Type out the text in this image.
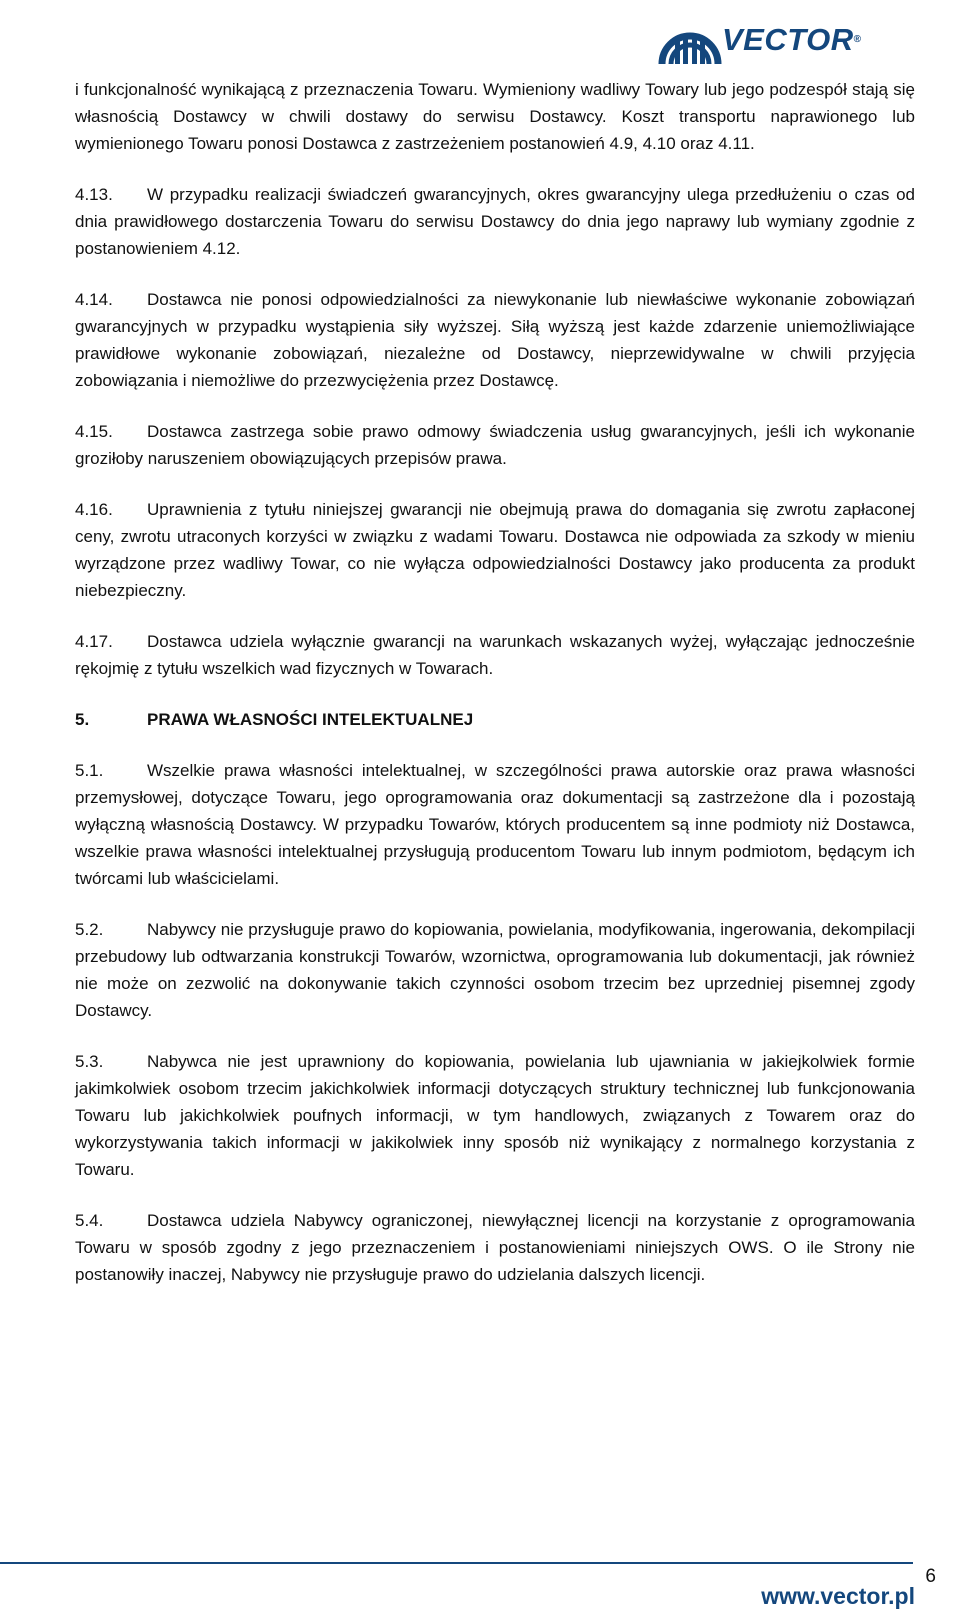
VECTOR®
i funkcjonalność wynikającą z przeznaczenia Towaru. Wymieniony wadliwy Towary lub jego podzespół stają się własnością Dostawcy w chwili dostawy do serwisu Dostawcy. Koszt transportu naprawionego lub wymienionego Towaru ponosi Dostawca z zastrzeżeniem postanowień 4.9, 4.10 oraz 4.11.
4.13. W przypadku realizacji świadczeń gwarancyjnych, okres gwarancyjny ulega przedłużeniu o czas od dnia prawidłowego dostarczenia Towaru do serwisu Dostawcy do dnia jego naprawy lub wymiany zgodnie z postanowieniem 4.12.
4.14. Dostawca nie ponosi odpowiedzialności za niewykonanie lub niewłaściwe wykonanie zobowiązań gwarancyjnych w przypadku wystąpienia siły wyższej. Siłą wyższą jest każde zdarzenie uniemożliwiające prawidłowe wykonanie zobowiązań, niezależne od Dostawcy, nieprzewidywalne w chwili przyjęcia zobowiązania i niemożliwe do przezwyciężenia przez Dostawcę.
4.15. Dostawca zastrzega sobie prawo odmowy świadczenia usług gwarancyjnych, jeśli ich wykonanie groziłoby naruszeniem obowiązujących przepisów prawa.
4.16. Uprawnienia z tytułu niniejszej gwarancji nie obejmują prawa do domagania się zwrotu zapłaconej ceny, zwrotu utraconych korzyści w związku z wadami Towaru. Dostawca nie odpowiada za szkody w mieniu wyrządzone przez wadliwy Towar, co nie wyłącza odpowiedzialności Dostawcy jako producenta za produkt niebezpieczny.
4.17. Dostawca udziela wyłącznie gwarancji na warunkach wskazanych wyżej, wyłączając jednocześnie rękojmię z tytułu wszelkich wad fizycznych w Towarach.
5.	PRAWA WŁASNOŚCI INTELEKTUALNEJ
5.1.	Wszelkie prawa własności intelektualnej, w szczególności prawa autorskie oraz prawa własności przemysłowej, dotyczące Towaru, jego oprogramowania oraz dokumentacji są zastrzeżone dla i pozostają wyłączną własnością Dostawcy. W przypadku Towarów, których producentem są inne podmioty niż Dostawca, wszelkie prawa własności intelektualnej przysługują producentom Towaru lub innym podmiotom, będącym ich twórcami lub właścicielami.
5.2.	Nabywcy nie przysługuje prawo do kopiowania, powielania, modyfikowania, ingerowania, dekompilacji przebudowy lub odtwarzania konstrukcji Towarów, wzornictwa, oprogramowania lub dokumentacji, jak również nie może on zezwolić na dokonywanie takich czynności osobom trzecim bez uprzedniej pisemnej zgody Dostawcy.
5.3.	Nabywca nie jest uprawniony do kopiowania, powielania lub ujawniania w jakiejkolwiek formie jakimkolwiek osobom trzecim jakichkolwiek informacji dotyczących struktury technicznej lub funkcjonowania Towaru lub jakichkolwiek poufnych informacji, w tym handlowych, związanych z Towarem oraz do wykorzystywania takich informacji w jakikolwiek inny sposób niż wynikający z normalnego korzystania z Towaru.
5.4.	Dostawca udziela Nabywcy ograniczonej, niewyłącznej licencji na korzystanie z oprogramowania Towaru w sposób zgodny z jego przeznaczeniem i postanowieniami niniejszych OWS. O ile Strony nie postanowiły inaczej, Nabywcy nie przysługuje prawo do udzielania dalszych licencji.
6
www.vector.pl
